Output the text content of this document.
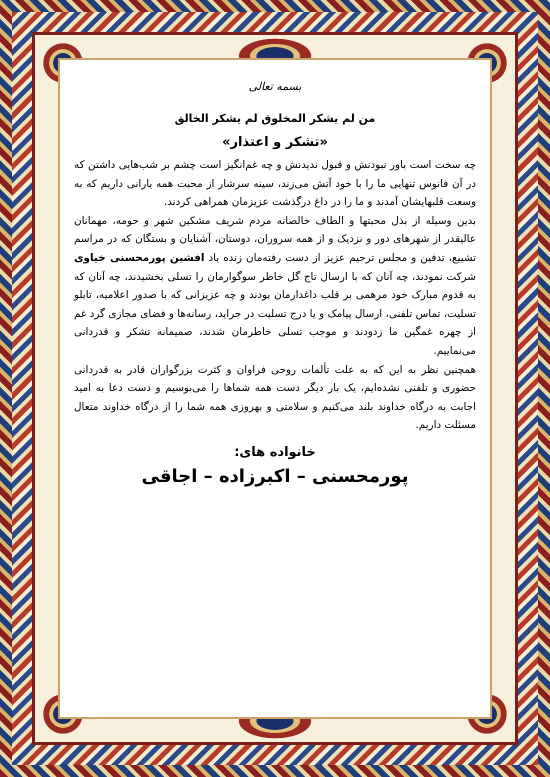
بسمه تعالی
من لم یشکر المخلوق لم یشکر الخالق
«تشکر و اعتذار»

چه سخت است باور نبودنش و قبول ندیدنش و چه غم‌انگیز است چشم بر شب‌هایی داشتن که در آن فانوس تنهایی ما را با خود آتش می‌زند، سینه سرشار از محبت همه یارانی داریم که به وسعت قلبهایشان آمدند و ما را در داغ درگذشت عزیزمان همراهی کردند.

بدین وسیله از بذل محبتها و الطاف خالصانه مردم شریف مشکین شهر و حومه، مهمانان عالیقدر از شهرهای دور و نزدیک و از همه سروران، دوستان، آشنایان و بستگان که در مراسم تشییع، تدفین و مجلس ترحیم عزیز از دست رفته‌مان زنده یاد افشین پورمحسنی خیاوی شرکت نمودند، چه آنان که با ارسال تاج گل خاطر سوگوارمان را تسلی بخشیدند، چه آنان که به قدوم مبارک خود مرهمی بر قلب داغدارمان بودند و چه عزیزانی که با صدور اعلامیه، تابلو تسلیت، تماس تلفنی، ارسال پیامک و یا درج تسلیت در جراید، رسانه‌ها و فضای مجازی گرد غم از چهره غمگین ما زدودند و موجب تسلی خاطرمان شدند، صمیمانه تشکر و قدردانی می‌نماییم.

همچنین نظر به این که به علت تألمات روحی فراوان و کثرت بزرگواران قادر به قدردانی حضوری و تلفنی نشده‌ایم، یک بار دیگر دست همه شماها را می‌بوسیم و دست دعا به امید اجابت به درگاه خداوند بلند می‌کنیم و سلامتی و بهروزی همه شما را از درگاه خداوند متعال مسئلت داریم.

خانواده های:
پورمحسنی – اکبرزاده – اجاقی
